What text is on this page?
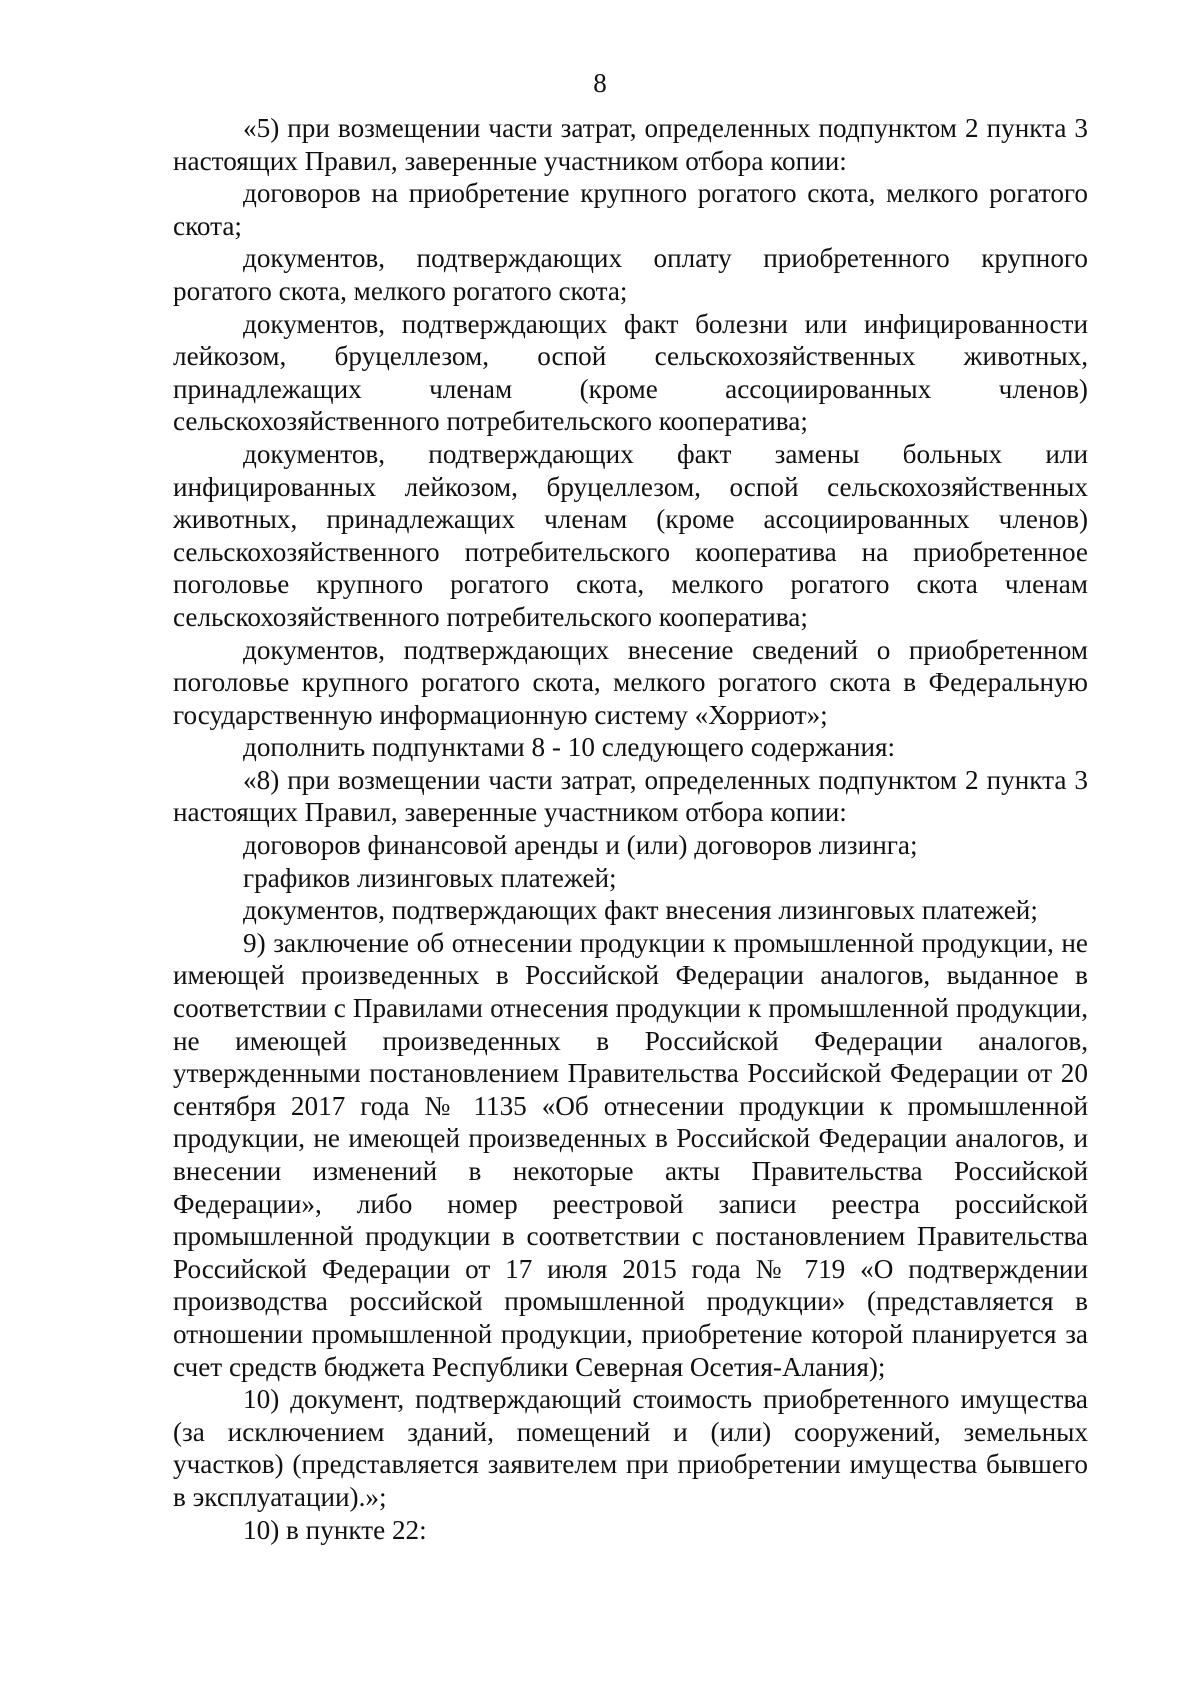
8

«5) при возмещении части затрат, определенных подпунктом 2 пункта 3 настоящих Правил, заверенные участником отбора копии:

договоров на приобретение крупного рогатого скота, мелкого рогатого скота;

документов, подтверждающих оплату приобретенного крупного рогатого скота, мелкого рогатого скота;

документов, подтверждающих факт болезни или инфицированности лейкозом, бруцеллезом, оспой сельскохозяйственных животных, принадлежащих членам (кроме ассоциированных членов) сельскохозяйственного потребительского кооператива;

документов, подтверждающих факт замены больных или инфицированных лейкозом, бруцеллезом, оспой сельскохозяйственных животных, принадлежащих членам (кроме ассоциированных членов) сельскохозяйственного потребительского кооператива на приобретенное поголовье крупного рогатого скота, мелкого рогатого скота членам сельскохозяйственного потребительского кооператива;

документов, подтверждающих внесение сведений о приобретенном поголовье крупного рогатого скота, мелкого рогатого скота в Федеральную государственную информационную систему «Хорриот»;

дополнить подпунктами 8 - 10 следующего содержания:

«8) при возмещении части затрат, определенных подпунктом 2 пункта 3 настоящих Правил, заверенные участником отбора копии:

договоров финансовой аренды и (или) договоров лизинга;

графиков лизинговых платежей;

документов, подтверждающих факт внесения лизинговых платежей;

9) заключение об отнесении продукции к промышленной продукции, не имеющей произведенных в Российской Федерации аналогов, выданное в соответствии с Правилами отнесения продукции к промышленной продукции, не имеющей произведенных в Российской Федерации аналогов, утвержденными постановлением Правительства Российской Федерации от 20 сентября 2017 года № 1135 «Об отнесении продукции к промышленной продукции, не имеющей произведенных в Российской Федерации аналогов, и внесении изменений в некоторые акты Правительства Российской Федерации», либо номер реестровой записи реестра российской промышленной продукции в соответствии с постановлением Правительства Российской Федерации от 17 июля 2015 года № 719 «О подтверждении производства российской промышленной продукции» (представляется в отношении промышленной продукции, приобретение которой планируется за счет средств бюджета Республики Северная Осетия-Алания);

10) документ, подтверждающий стоимость приобретенного имущества (за исключением зданий, помещений и (или) сооружений, земельных участков) (представляется заявителем при приобретении имущества бывшего в эксплуатации).»;

10) в пункте 22:
